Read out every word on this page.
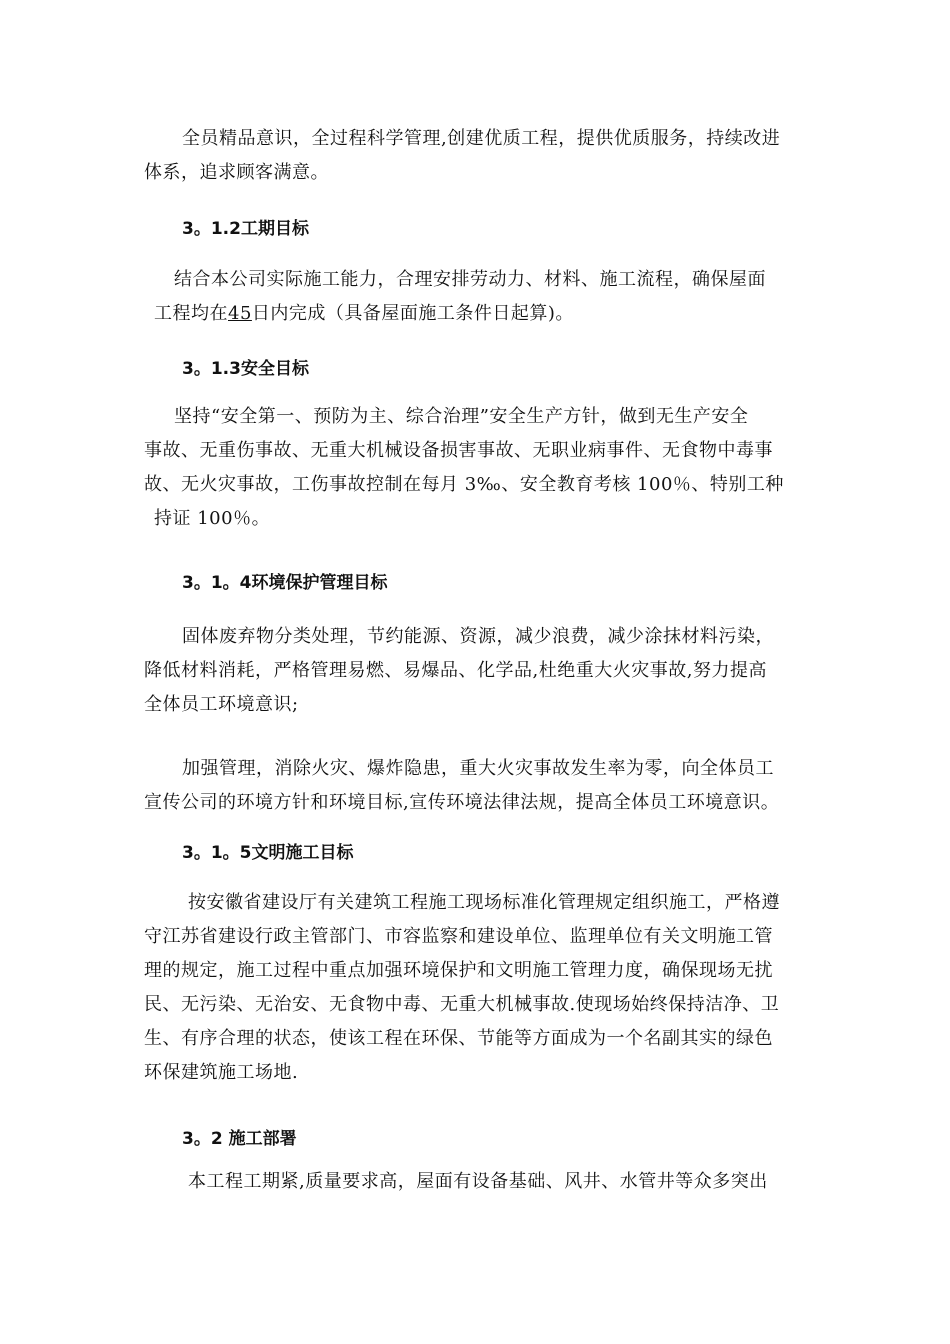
全员精品意识，全过程科学管理,创建优质工程，提供优质服务，持续改进
体系，追求顾客满意。

3。1.2工期目标

结合本公司实际施工能力，合理安排劳动力、材料、施工流程，确保屋面
工程均在45日内完成（具备屋面施工条件日起算)。

3。1.3安全目标

坚持“安全第一、预防为主、综合治理”安全生产方针，做到无生产安全
事故、无重伤事故、无重大机械设备损害事故、无职业病事件、无食物中毒事
故、无火灾事故，工伤事故控制在每月 3‰、安全教育考核 100％、特别工种
持证 100％。

3。1。4环境保护管理目标

固体废弃物分类处理，节约能源、资源，减少浪费，减少涂抹材料污染，
降低材料消耗，严格管理易燃、易爆品、化学品,杜绝重大火灾事故,努力提高
全体员工环境意识;

加强管理，消除火灾、爆炸隐患，重大火灾事故发生率为零，向全体员工
宣传公司的环境方针和环境目标,宣传环境法律法规，提高全体员工环境意识。

3。1。5文明施工目标

按安徽省建设厅有关建筑工程施工现场标准化管理规定组织施工，严格遵
守江苏省建设行政主管部门、市容监察和建设单位、监理单位有关文明施工管
理的规定，施工过程中重点加强环境保护和文明施工管理力度，确保现场无扰
民、无污染、无治安、无食物中毒、无重大机械事故.使现场始终保持洁净、卫
生、有序合理的状态，使该工程在环保、节能等方面成为一个名副其实的绿色
环保建筑施工场地.

3。2 施工部署

本工程工期紧,质量要求高，屋面有设备基础、风井、水管井等众多突出
